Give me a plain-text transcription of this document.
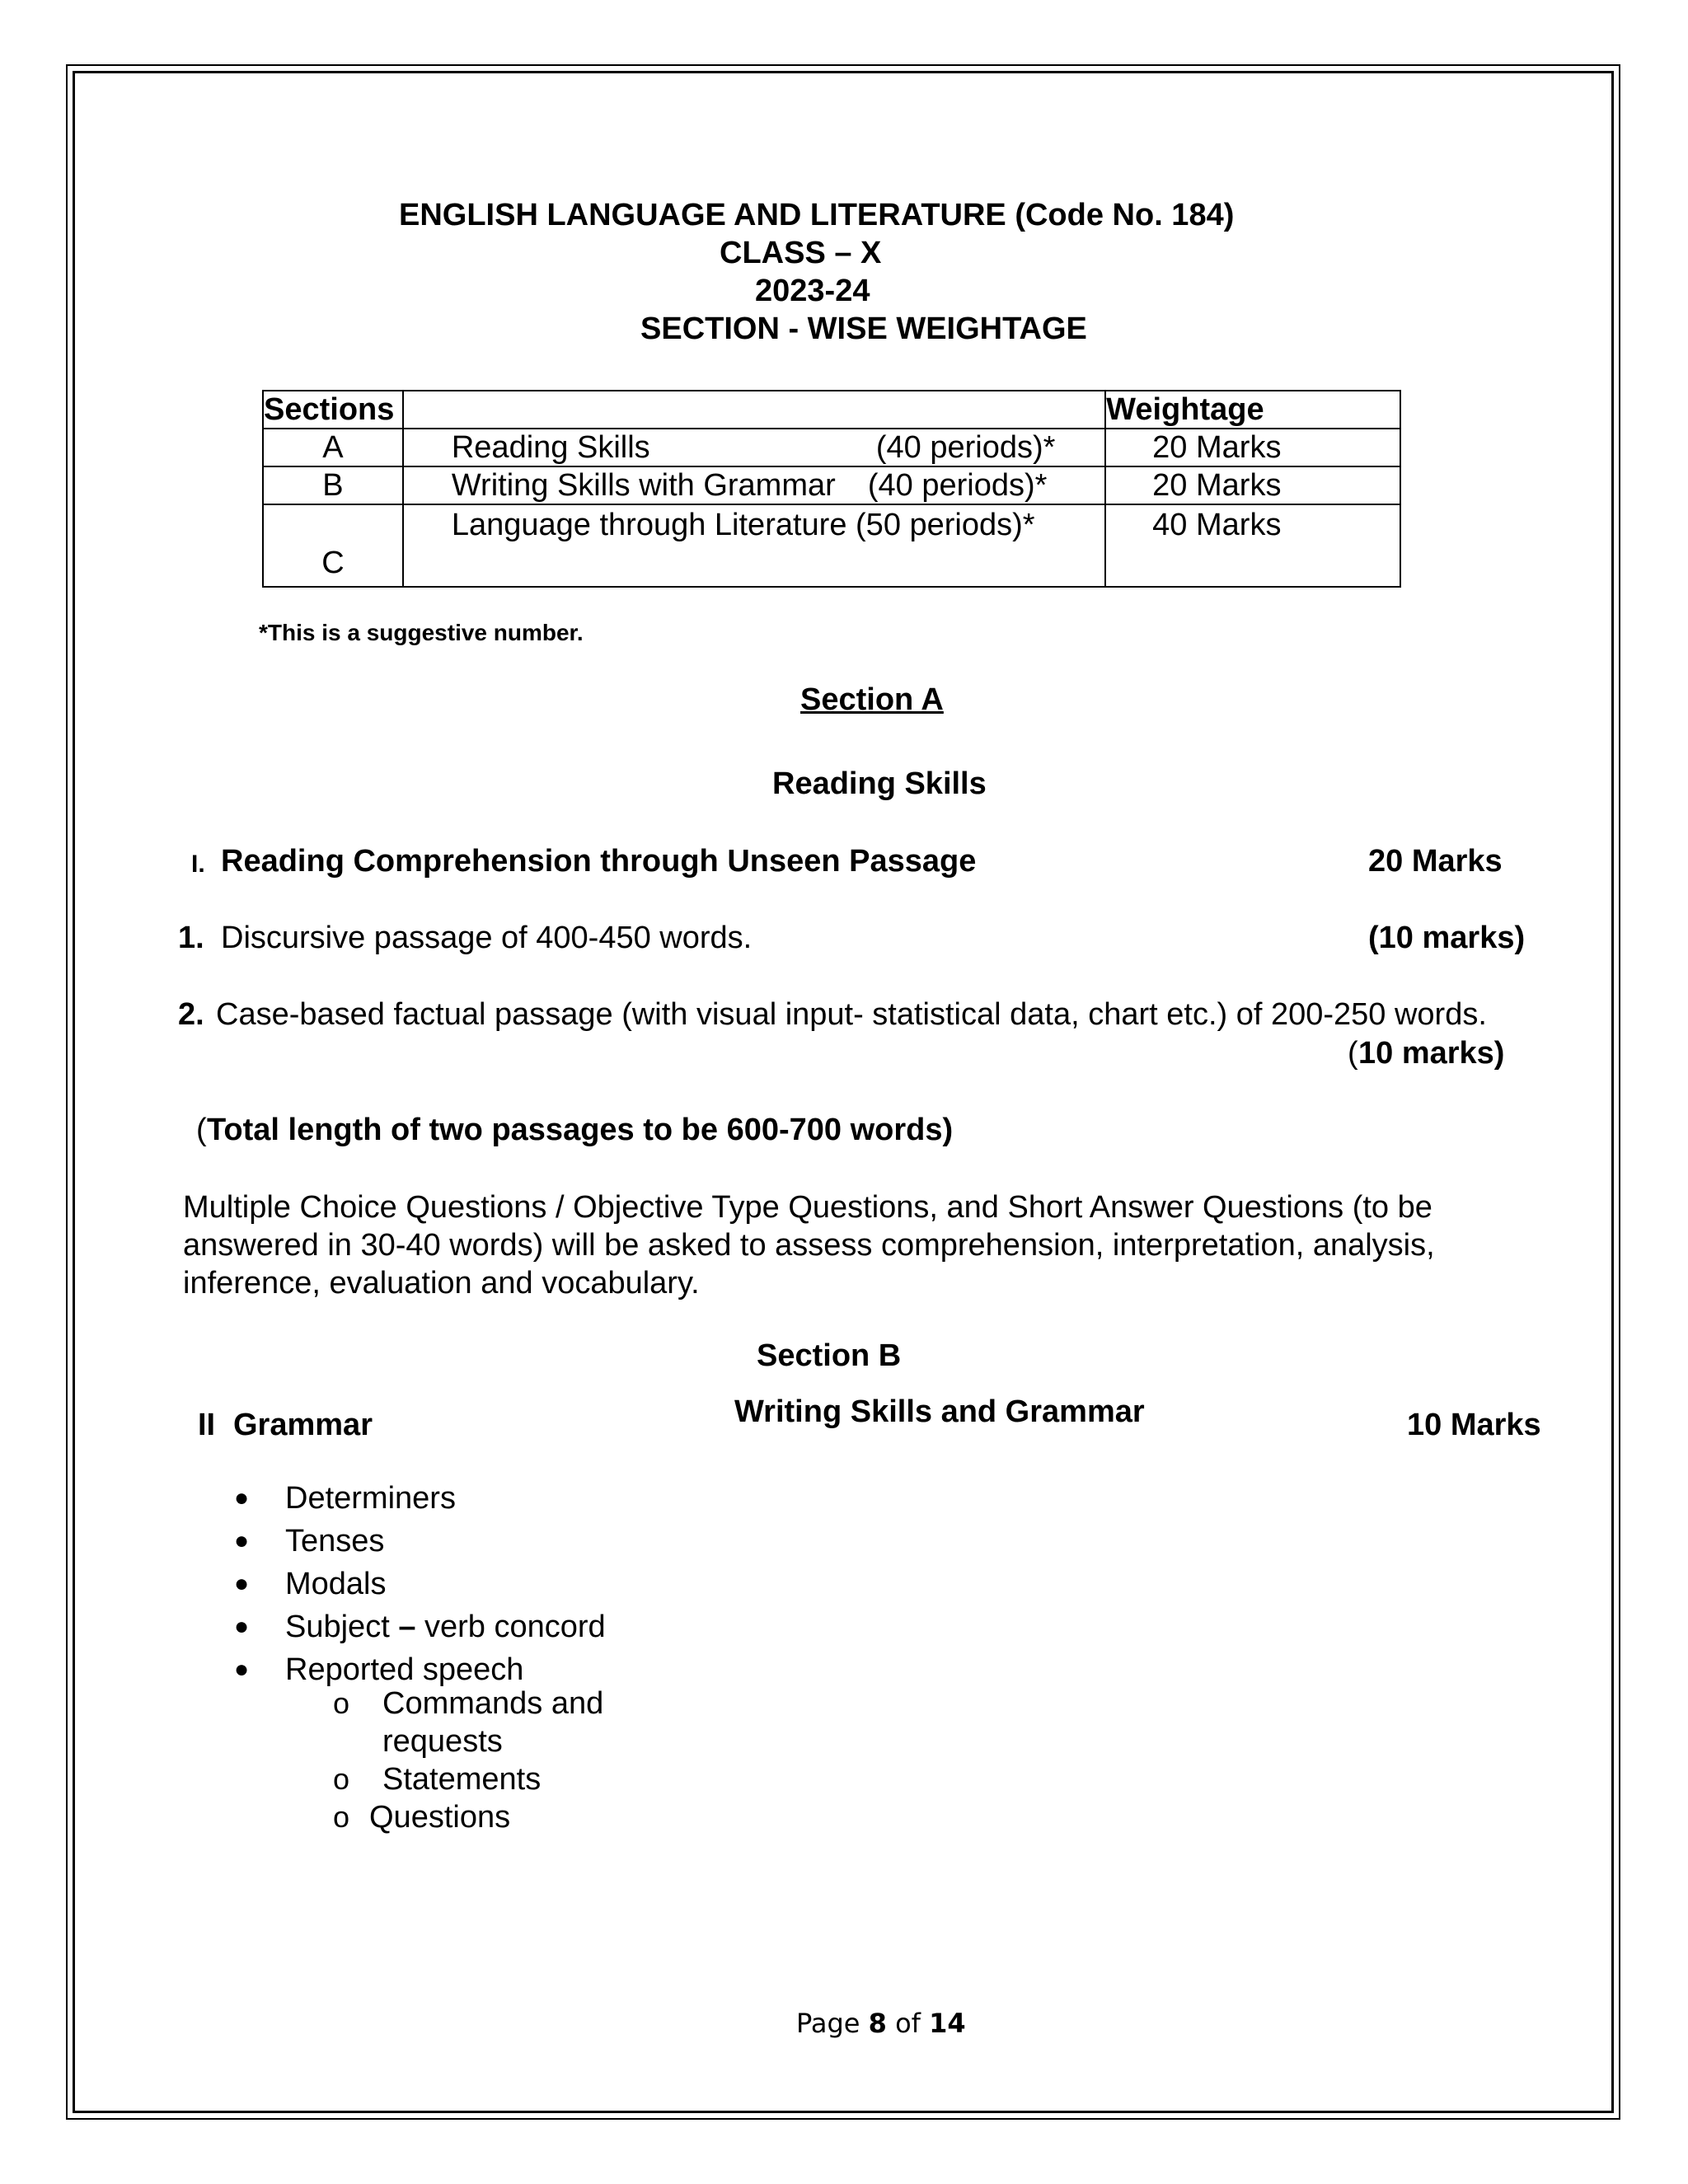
ENGLISH LANGUAGE AND LITERATURE (Code No. 184)
CLASS – X
2023-24
SECTION - WISE WEIGHTAGE
Sections		Weightage
A	Reading Skills (40 periods)*	20 Marks
B	Writing Skills with Grammar (40 periods)*	20 Marks
C	Language through Literature (50 periods)*	40 Marks
*This is a suggestive number.
Section A
Reading Skills
I. Reading Comprehension through Unseen Passage	20 Marks
1. Discursive passage of 400-450 words.	(10 marks)
2. Case-based factual passage (with visual input- statistical data, chart etc.) of 200-250 words.
( 10 marks)
( Total length of two passages to be 600-700 words)
Multiple Choice Questions / Objective Type Questions, and Short Answer Questions (to be
answered in 30-40 words) will be asked to assess comprehension, interpretation, analysis,
inference, evaluation and vocabulary.
Section B
Writing Skills and Grammar
II Grammar	10 Marks
●	Determiners
●	Tenses
●	Modals
●	Subject
–
verb concord
●	Reported speech
o Commands and
requests
o Statements
o Questions
Page 8 of 14
